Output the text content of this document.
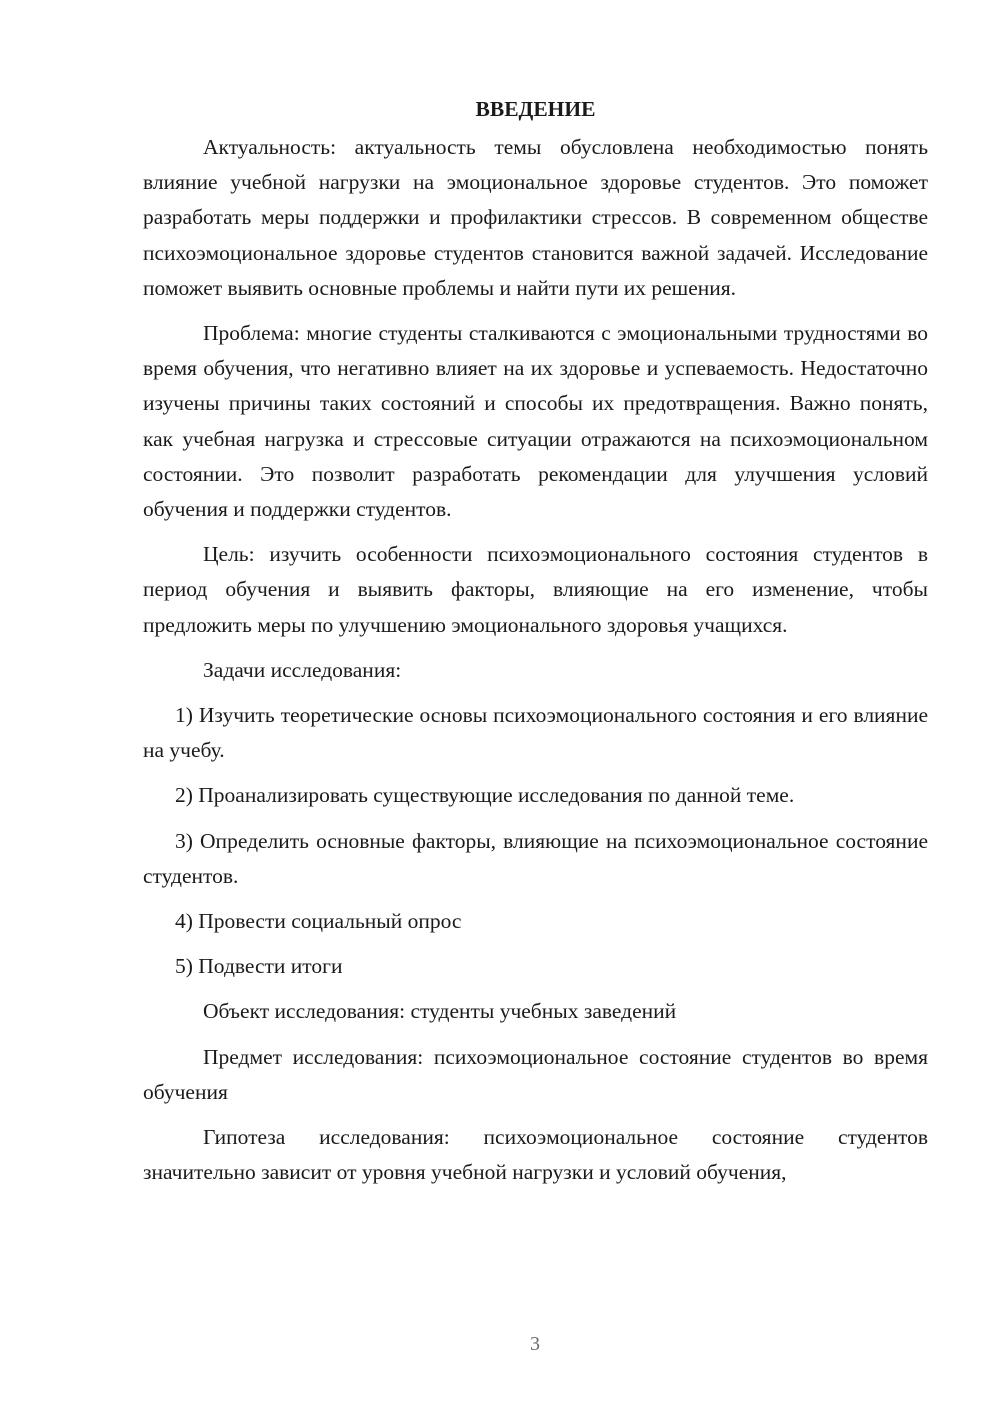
ВВЕДЕНИЕ

Актуальность: актуальность темы обусловлена необходимостью понять влияние учебной нагрузки на эмоциональное здоровье студентов. Это поможет разработать меры поддержки и профилактики стрессов. В современном обществе психоэмоциональное здоровье студентов становится важной задачей. Исследование поможет выявить основные проблемы и найти пути их решения.

Проблема: многие студенты сталкиваются с эмоциональными трудностями во время обучения, что негативно влияет на их здоровье и успеваемость. Недостаточно изучены причины таких состояний и способы их предотвращения. Важно понять, как учебная нагрузка и стрессовые ситуации отражаются на психоэмоциональном состоянии. Это позволит разработать рекомендации для улучшения условий обучения и поддержки студентов.

Цель: изучить особенности психоэмоционального состояния студентов в период обучения и выявить факторы, влияющие на его изменение, чтобы предложить меры по улучшению эмоционального здоровья учащихся.

Задачи исследования:

1) Изучить теоретические основы психоэмоционального состояния и его влияние на учебу.

2) Проанализировать существующие исследования по данной теме.

3) Определить основные факторы, влияющие на психоэмоциональное состояние студентов.

4) Провести социальный опрос

5) Подвести итоги

Объект исследования: студенты учебных заведений

Предмет исследования: психоэмоциональное состояние студентов во время обучения

Гипотеза исследования: психоэмоциональное состояние студентов значительно зависит от уровня учебной нагрузки и условий обучения,

3
